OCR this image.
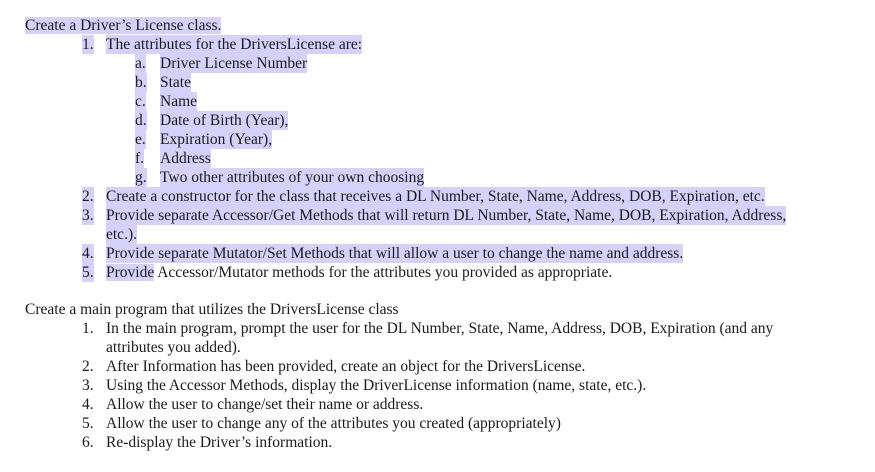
Create a Driver’s License class.
1. The attributes for the DriversLicense are:
a. Driver License Number
b. State
c. Name
d. Date of Birth (Year),
e. Expiration (Year),
f. Address
g. Two other attributes of your own choosing
2. Create a constructor for the class that receives a DL Number, State, Name, Address, DOB, Expiration, etc.
3. Provide separate Accessor/Get Methods that will return DL Number, State, Name, DOB, Expiration, Address,
etc.).
4. Provide separate Mutator/Set Methods that will allow a user to change the name and address.
5. Provide Accessor/Mutator methods for the attributes you provided as appropriate.
Create a main program that utilizes the DriversLicense class
1. In the main program, prompt the user for the DL Number, State, Name, Address, DOB, Expiration (and any
attributes you added).
2. After Information has been provided, create an object for the DriversLicense.
3. Using the Accessor Methods, display the DriverLicense information (name, state, etc.).
4. Allow the user to change/set their name or address.
5. Allow the user to change any of the attributes you created (appropriately)
6. Re-display the Driver’s information.
